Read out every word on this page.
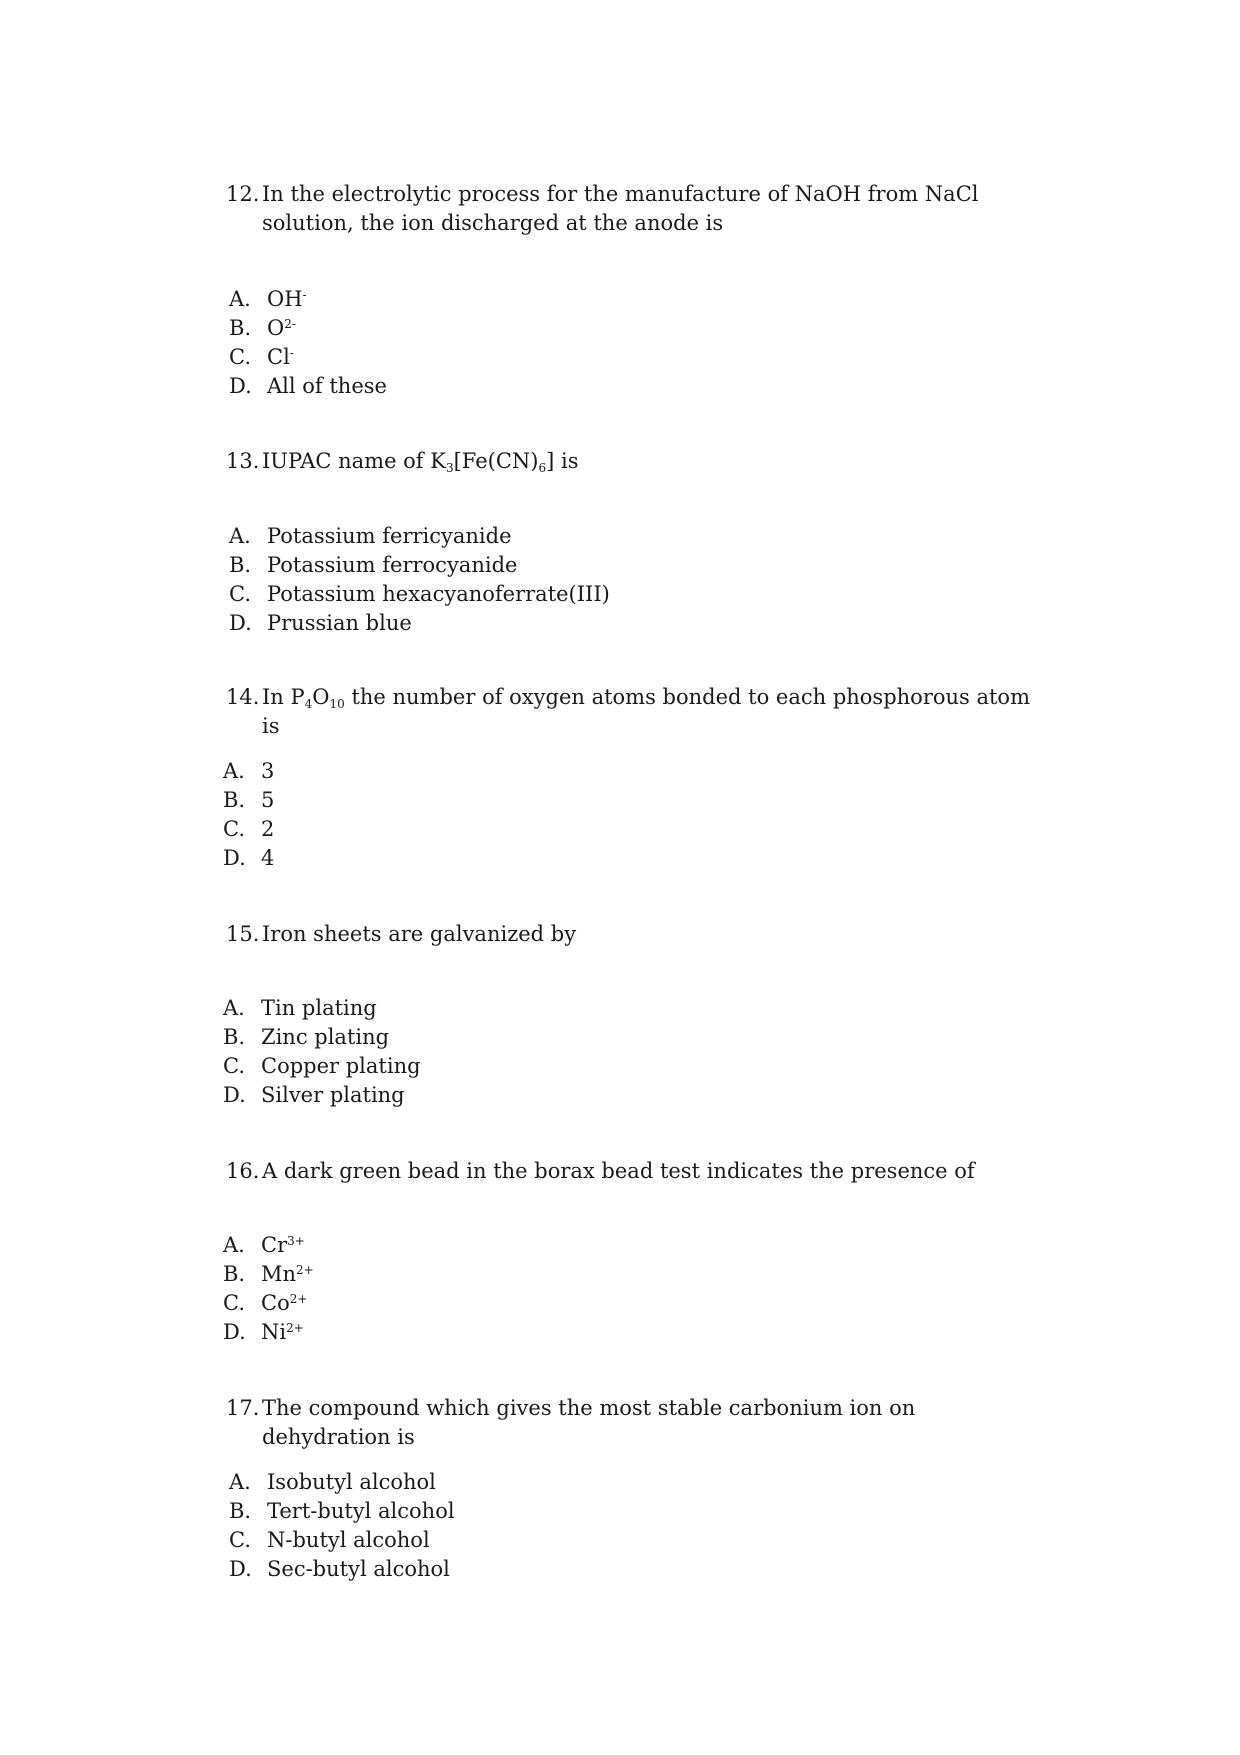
12. In the electrolytic process for the manufacture of NaOH from NaCl solution, the ion discharged at the anode is
A. OH-
B. $O^{2-}$
C. Cl-
D. All of these
13. IUPAC name of $K_3[Fe(CN)_6]$ is
A. Potassium ferricyanide
B. Potassium ferrocyanide
C. Potassium hexacyanoferrate(III)
D. Prussian blue
14. In $P_4O_{10}$ the number of oxygen atoms bonded to each phosphorous atom is
A. 3
B. 5
C. 2
D. 4
15. Iron sheets are galvanized by
A. Tin plating
B. Zinc plating
C. Copper plating
D. Silver plating
16. A dark green bead in the borax bead test indicates the presence of
A. $Cr^{3+}$
B. $Mn^{2+}$
C. $Co^{2+}$
D. $Ni^{2+}$
17. The compound which gives the most stable carbonium ion on dehydration is
A. Isobutyl alcohol
B. Tert-butyl alcohol
C. N-butyl alcohol
D. Sec-butyl alcohol
